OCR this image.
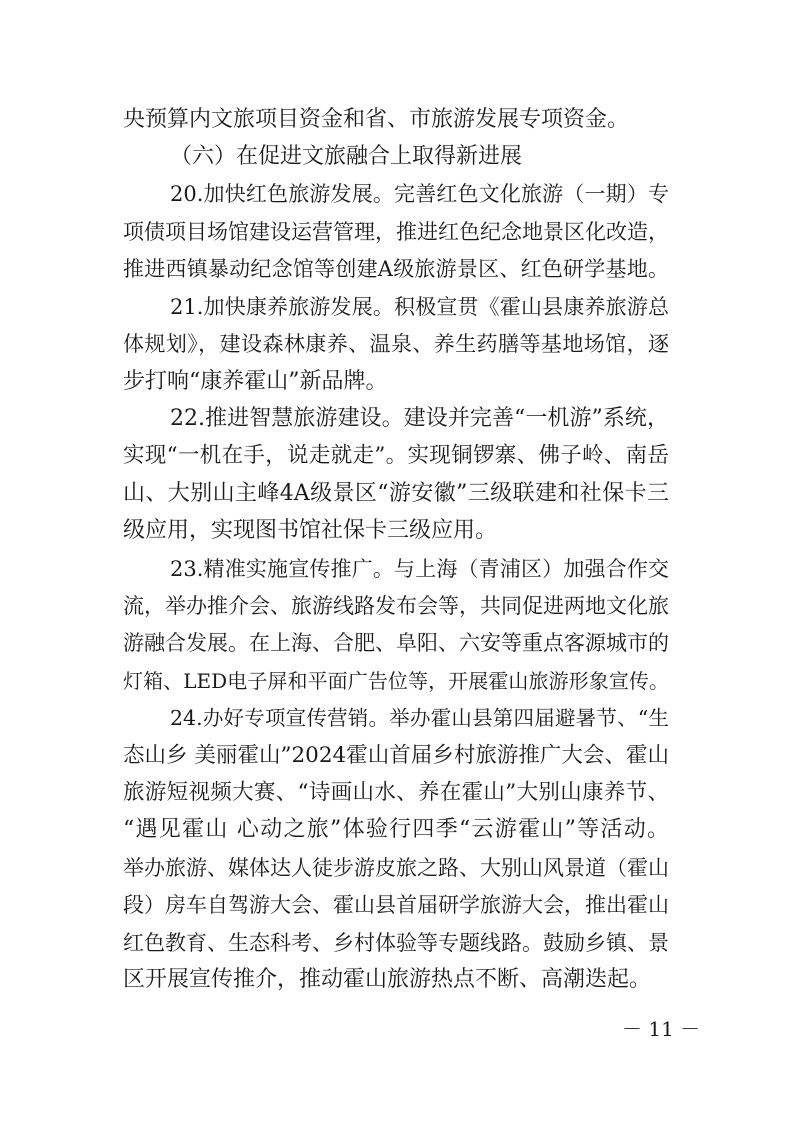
央预算内文旅项目资金和省、市旅游发展专项资金。
（六）在促进文旅融合上取得新进展
20.加快红色旅游发展。完善红色文化旅游（一期）专
项债项目场馆建设运营管理，推进红色纪念地景区化改造，
推进西镇暴动纪念馆等创建A级旅游景区、红色研学基地。
21.加快康养旅游发展。积极宣贯《霍山县康养旅游总
体规划》，建设森林康养、温泉、养生药膳等基地场馆，逐
步打响“康养霍山”新品牌。
22.推进智慧旅游建设。建设并完善“一机游”系统，
实现“一机在手，说走就走”。实现铜锣寨、佛子岭、南岳
山、大别山主峰4A级景区“游安徽”三级联建和社保卡三
级应用，实现图书馆社保卡三级应用。
23.精准实施宣传推广。与上海（青浦区）加强合作交
流，举办推介会、旅游线路发布会等，共同促进两地文化旅
游融合发展。在上海、合肥、阜阳、六安等重点客源城市的
灯箱、LED电子屏和平面广告位等，开展霍山旅游形象宣传。
24.办好专项宣传营销。举办霍山县第四届避暑节、“生
态山乡 美丽霍山”2024霍山首届乡村旅游推广大会、霍山
旅游短视频大赛、“诗画山水、养在霍山”大别山康养节、
“遇见霍山 心动之旅”体验行四季“云游霍山”等活动。
举办旅游、媒体达人徒步游皮旅之路、大别山风景道（霍山
段）房车自驾游大会、霍山县首届研学旅游大会，推出霍山
红色教育、生态科考、乡村体验等专题线路。鼓励乡镇、景
区开展宣传推介，推动霍山旅游热点不断、高潮迭起。
－ 11 －
